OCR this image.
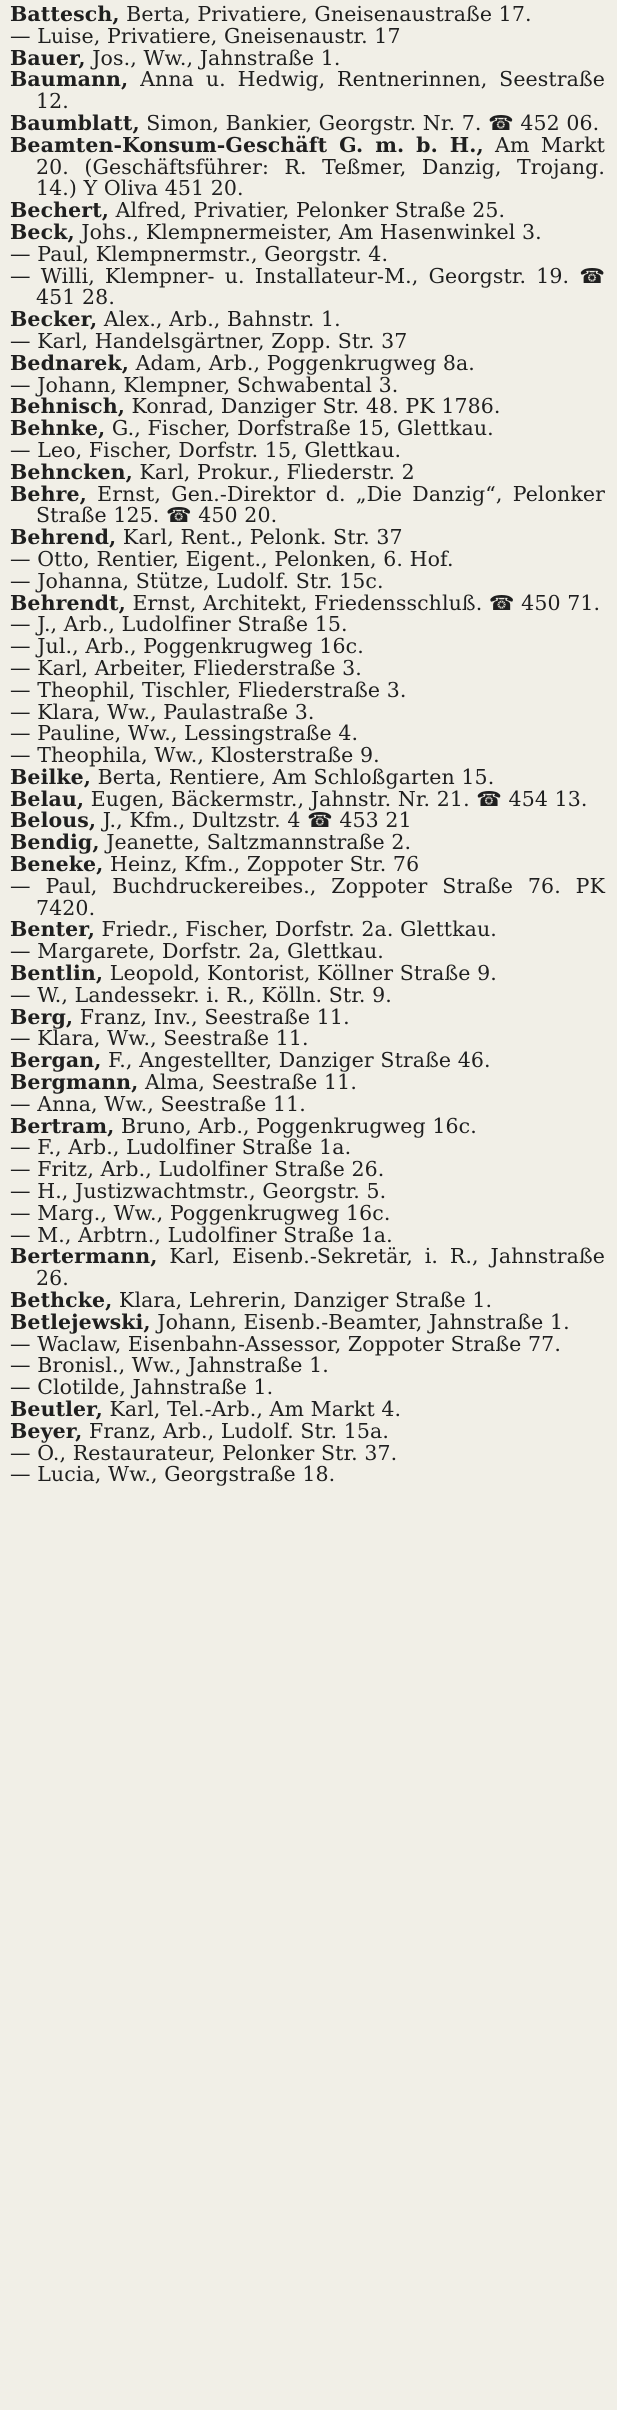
Battesch, Berta, Privatiere, Gneisenaustraße 17.
— Luise, Privatiere, Gneisenaustr. 17
Bauer, Jos., Ww., Jahnstraße 1.
Baumann, Anna u. Hedwig, Rentnerinnen, Seestraße 12.
Baumblatt, Simon, Bankier, Georgstr. Nr. 7. ☎ 452 06.
Beamten-Konsum-Geschäft G. m. b. H., Am Markt 20. (Geschäftsführer: R. Teßmer, Danzig, Trojang. 14.) Y Oliva 451 20.
Bechert, Alfred, Privatier, Pelonker Straße 25.
Beck, Johs., Klempnermeister, Am Hasenwinkel 3.
— Paul, Klempnermstr., Georgstr. 4.
— Willi, Klempner- u. Installateur-M., Georgstr. 19. ☎ 451 28.
Becker, Alex., Arb., Bahnstr. 1.
— Karl, Handelsgärtner, Zopp. Str. 37
Bednarek, Adam, Arb., Poggenkrugweg 8a.
— Johann, Klempner, Schwabental 3.
Behnisch, Konrad, Danziger Str. 48. PK 1786.
Behnke, G., Fischer, Dorfstraße 15, Glettkau.
— Leo, Fischer, Dorfstr. 15, Glettkau.
Behncken, Karl, Prokur., Fliederstr. 2
Behre, Ernst, Gen.-Direktor d. „Die Danzig“, Pelonker Straße 125. ☎ 450 20.
Behrend, Karl, Rent., Pelonk. Str. 37
— Otto, Rentier, Eigent., Pelonken, 6. Hof.
— Johanna, Stütze, Ludolf. Str. 15c.
Behrendt, Ernst, Architekt, Friedensschluß. ☎ 450 71.
— J., Arb., Ludolfiner Straße 15.
— Jul., Arb., Poggenkrugweg 16c.
— Karl, Arbeiter, Fliederstraße 3.
— Theophil, Tischler, Fliederstraße 3.
— Klara, Ww., Paulastraße 3.
— Pauline, Ww., Lessingstraße 4.
— Theophila, Ww., Klosterstraße 9.
Beilke, Berta, Rentiere, Am Schloßgarten 15.
Belau, Eugen, Bäckermstr., Jahnstr. Nr. 21. ☎ 454 13.
Belous, J., Kfm., Dultzstr. 4 ☎ 453 21
Bendig, Jeanette, Saltzmannstraße 2.
Beneke, Heinz, Kfm., Zoppoter Str. 76
— Paul, Buchdruckereibes., Zoppoter Straße 76. PK 7420.
Benter, Friedr., Fischer, Dorfstr. 2a. Glettkau.
— Margarete, Dorfstr. 2a, Glettkau.
Bentlin, Leopold, Kontorist, Köllner Straße 9.
— W., Landessekr. i. R., Kölln. Str. 9.
Berg, Franz, Inv., Seestraße 11.
— Klara, Ww., Seestraße 11.
Bergan, F., Angestellter, Danziger Straße 46.
Bergmann, Alma, Seestraße 11.
— Anna, Ww., Seestraße 11.
Bertram, Bruno, Arb., Poggenkrugweg 16c.
— F., Arb., Ludolfiner Straße 1a.
— Fritz, Arb., Ludolfiner Straße 26.
— H., Justizwachtmstr., Georgstr. 5.
— Marg., Ww., Poggenkrugweg 16c.
— M., Arbtrn., Ludolfiner Straße 1a.
Bertermann, Karl, Eisenb.-Sekretär, i. R., Jahnstraße 26.
Bethcke, Klara, Lehrerin, Danziger Straße 1.
Betlejewski, Johann, Eisenb.-Beamter, Jahnstraße 1.
— Waclaw, Eisenbahn-Assessor, Zoppoter Straße 77.
— Bronisl., Ww., Jahnstraße 1.
— Clotilde, Jahnstraße 1.
Beutler, Karl, Tel.-Arb., Am Markt 4.
Beyer, Franz, Arb., Ludolf. Str. 15a.
— O., Restaurateur, Pelonker Str. 37.
— Lucia, Ww., Georgstraße 18.
